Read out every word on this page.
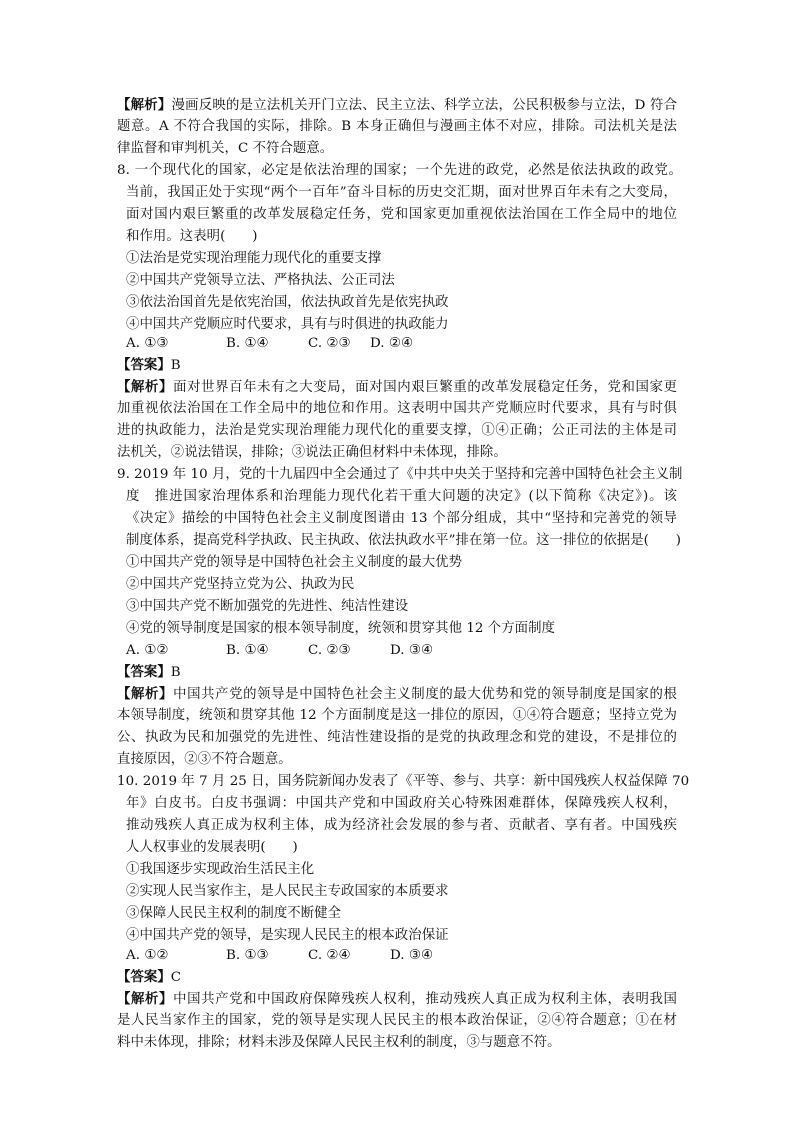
【解析】漫画反映的是立法机关开门立法、民主立法、科学立法，公民积极参与立法，D 符合
题意。A 不符合我国的实际，排除。B 本身正确但与漫画主体不对应，排除。司法机关是法
律监督和审判机关，C 不符合题意。
8. 一个现代化的国家，必定是依法治理的国家；一个先进的政党，必然是依法执政的政党。
当前，我国正处于实现“两个一百年”奋斗目标的历史交汇期，面对世界百年未有之大变局，
面对国内艰巨繁重的改革发展稳定任务，党和国家更加重视依法治国在工作全局中的地位
和作用。这表明(　　)
①法治是党实现治理能力现代化的重要支撑
②中国共产党领导立法、严格执法、公正司法
③依法治国首先是依宪治国，依法执政首先是依宪执政
④中国共产党顺应时代要求，具有与时俱进的执政能力
A. ①③	B. ①④	C. ②③ D. ②④
【答案】B
【解析】面对世界百年未有之大变局，面对国内艰巨繁重的改革发展稳定任务，党和国家更
加重视依法治国在工作全局中的地位和作用。这表明中国共产党顺应时代要求，具有与时俱
进的执政能力，法治是党实现治理能力现代化的重要支撑，①④正确；公正司法的主体是司
法机关，②说法错误，排除；③说法正确但材料中未体现，排除。
9. 2019 年 10 月，党的十九届四中全会通过了《中共中央关于坚持和完善中国特色社会主义制
度　推进国家治理体系和治理能力现代化若干重大问题的决定》(以下简称《决定》)。该
《决定》描绘的中国特色社会主义制度图谱由 13 个部分组成，其中“坚持和完善党的领导
制度体系，提高党科学执政、民主执政、依法执政水平”排在第一位。这一排位的依据是(　　)
①中国共产党的领导是中国特色社会主义制度的最大优势
②中国共产党坚持立党为公、执政为民
③中国共产党不断加强党的先进性、纯洁性建设
④党的领导制度是国家的根本领导制度，统领和贯穿其他 12 个方面制度
A. ①②	B. ①④	C. ②③	D. ③④
【答案】B
【解析】中国共产党的领导是中国特色社会主义制度的最大优势和党的领导制度是国家的根
本领导制度，统领和贯穿其他 12 个方面制度是这一排位的原因，①④符合题意；坚持立党为
公、执政为民和加强党的先进性、纯洁性建设指的是党的执政理念和党的建设，不是排位的
直接原因，②③不符合题意。
10. 2019 年 7 月 25 日，国务院新闻办发表了《平等、参与、共享：新中国残疾人权益保障 70
年》白皮书。白皮书强调：中国共产党和中国政府关心特殊困难群体，保障残疾人权利，
推动残疾人真正成为权利主体，成为经济社会发展的参与者、贡献者、享有者。中国残疾
人人权事业的发展表明(　　)
①我国逐步实现政治生活民主化
②实现人民当家作主，是人民民主专政国家的本质要求
③保障人民民主权利的制度不断健全
④中国共产党的领导，是实现人民民主的根本政治保证
A. ①②	B. ①③	C. ②④	D. ③④
【答案】C
【解析】中国共产党和中国政府保障残疾人权利，推动残疾人真正成为权利主体，表明我国
是人民当家作主的国家，党的领导是实现人民民主的根本政治保证，②④符合题意；①在材
料中未体现，排除；材料未涉及保障人民民主权利的制度，③与题意不符。
